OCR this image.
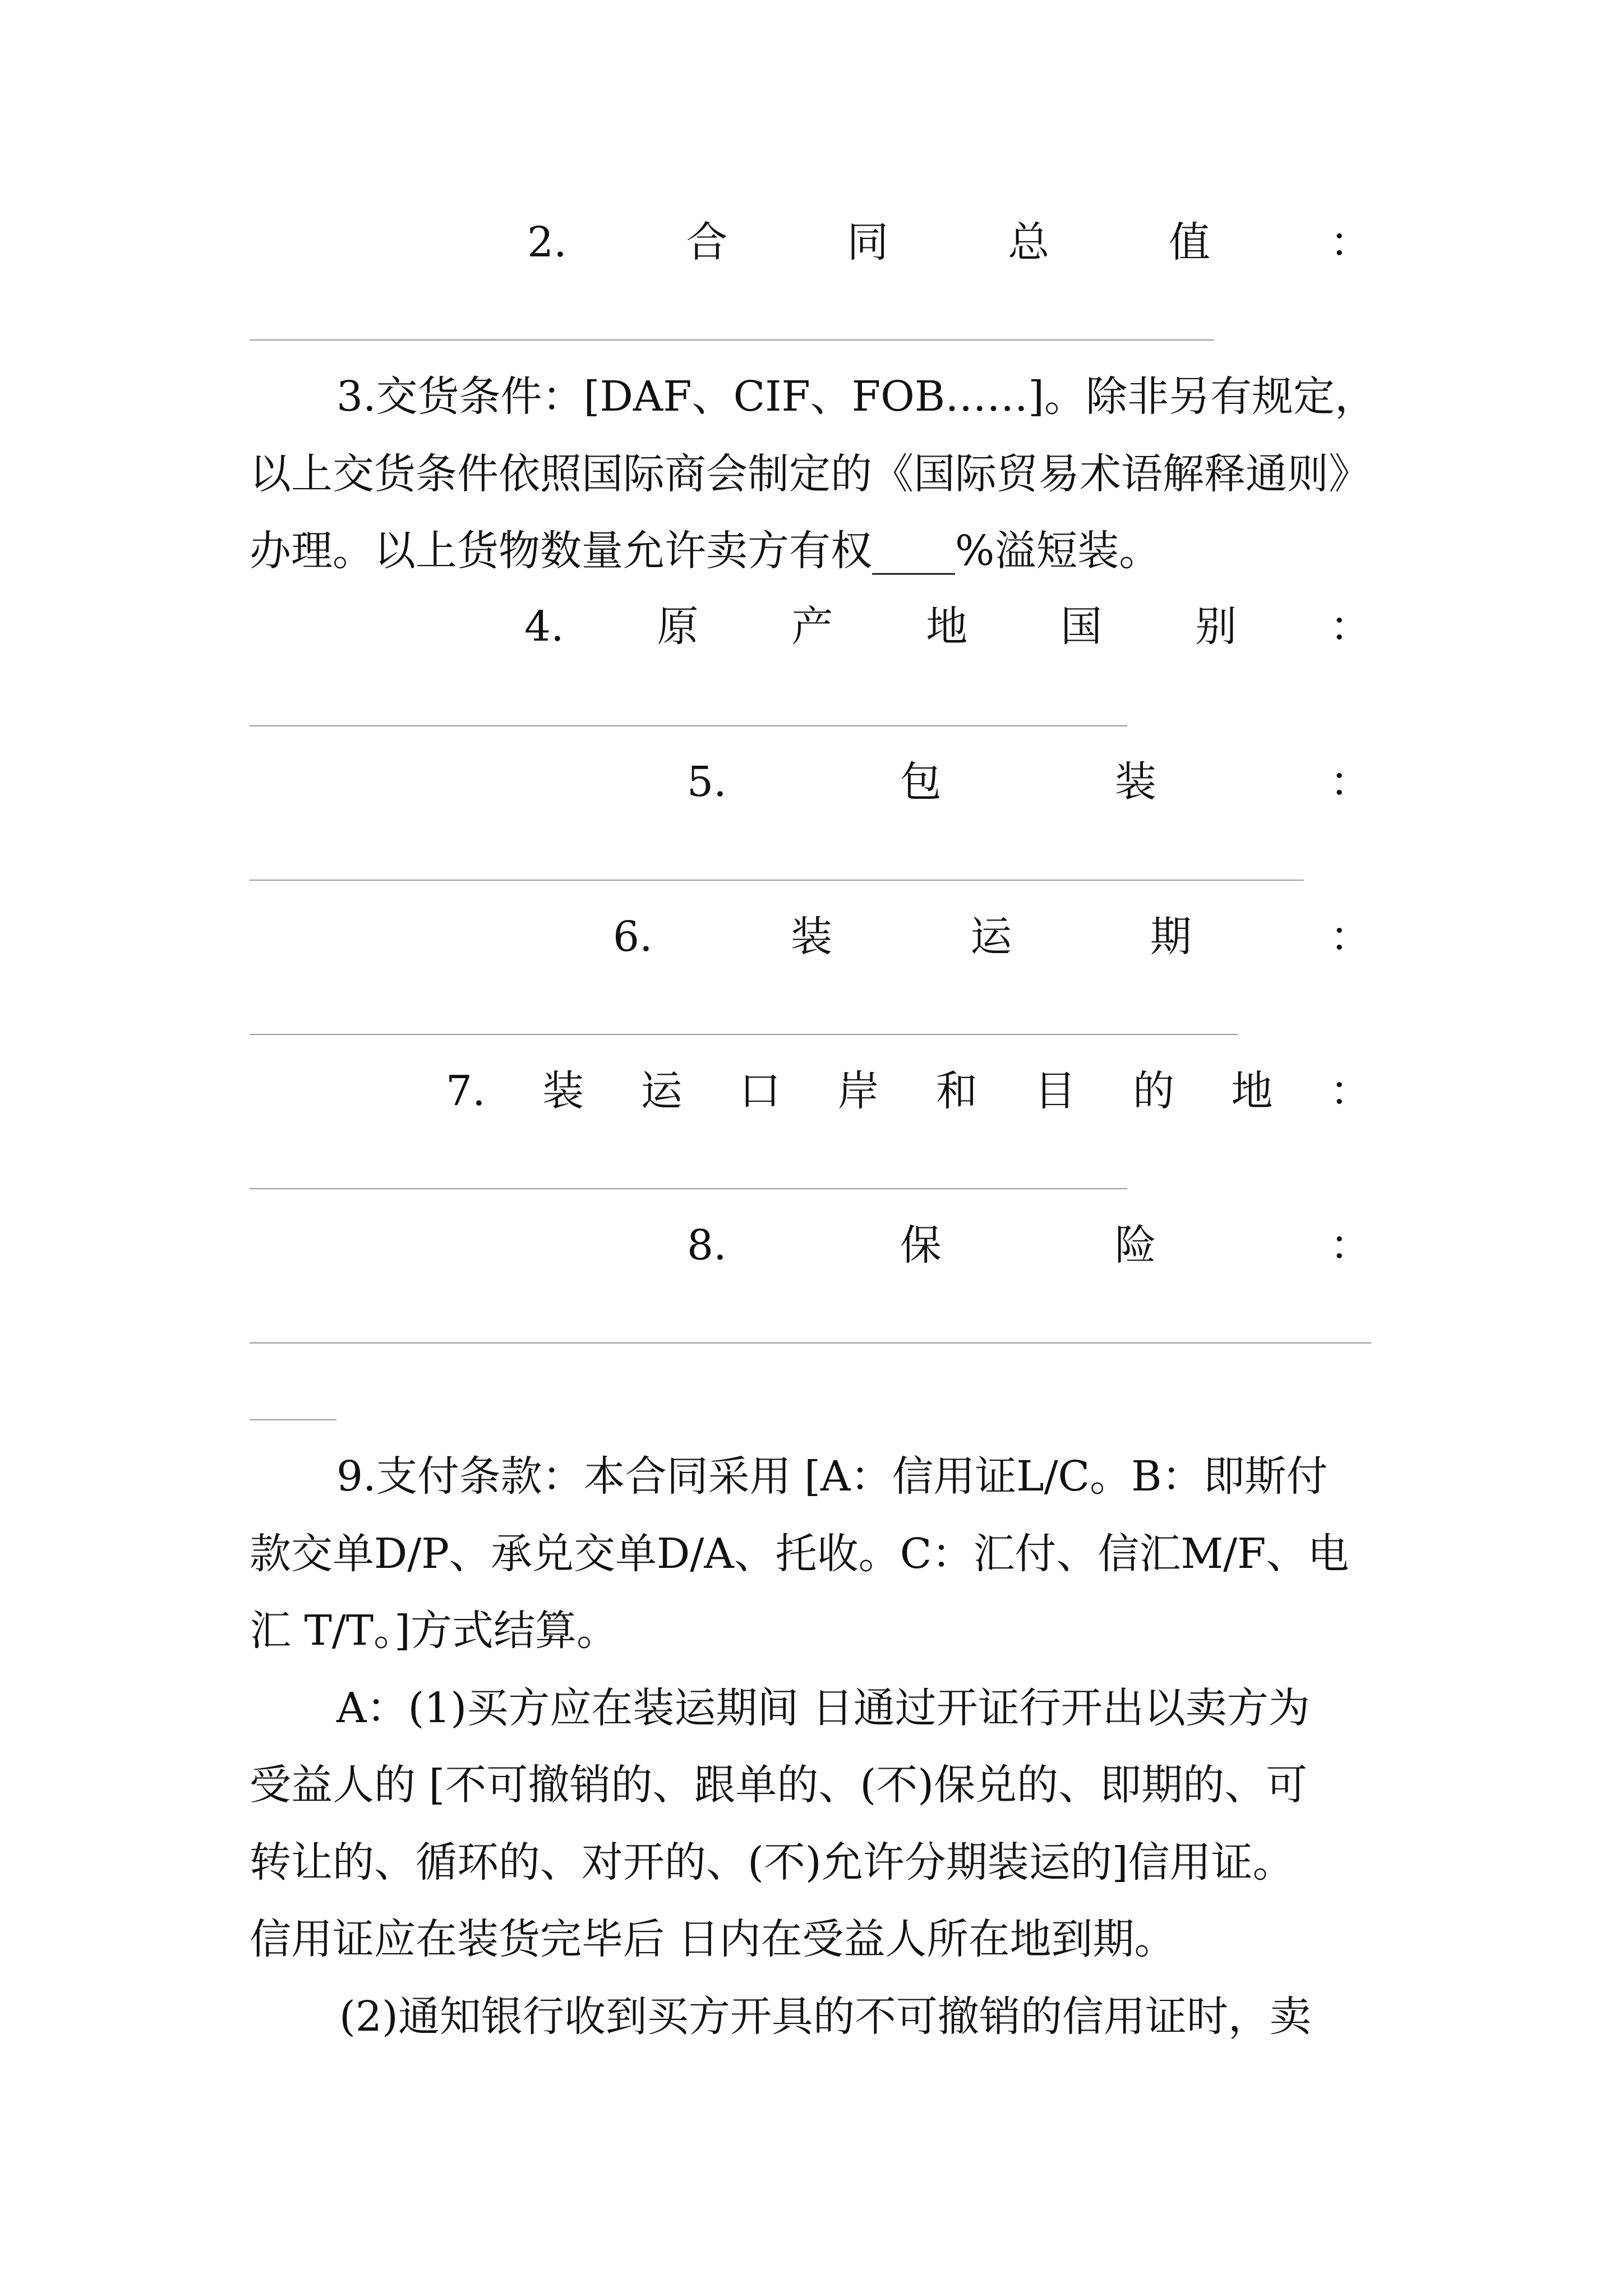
2.	合	同	总	值	：
3.交货条件：[DAF、CIF、FOB……]。除非另有规定，
以上交货条件依照国际商会制定的《国际贸易术语解释通则》
办理。以上货物数量允许卖方有权____%溢短装。
4. 原 产 地 国 别 ：
5.	包	装	：
6.	装	运	期	：
7. 装 运 口 岸 和 目 的 地 ：
8.	保	险	：
9.支付条款：本合同采用 [A：信用证L/C。B：即斯付
款交单D/P、承兑交单D/A、托收。C：汇付、信汇M/F、电
汇 T/T。]方式结算。
A：(1)买方应在装运期间 日通过开证行开出以卖方为
受益人的 [不可撤销的、跟单的、(不)保兑的、即期的、可
转让的、循环的、对开的、(不)允许分期装运的]信用证。
信用证应在装货完毕后 日内在受益人所在地到期。
(2)通知银行收到买方开具的不可撤销的信用证时，卖
